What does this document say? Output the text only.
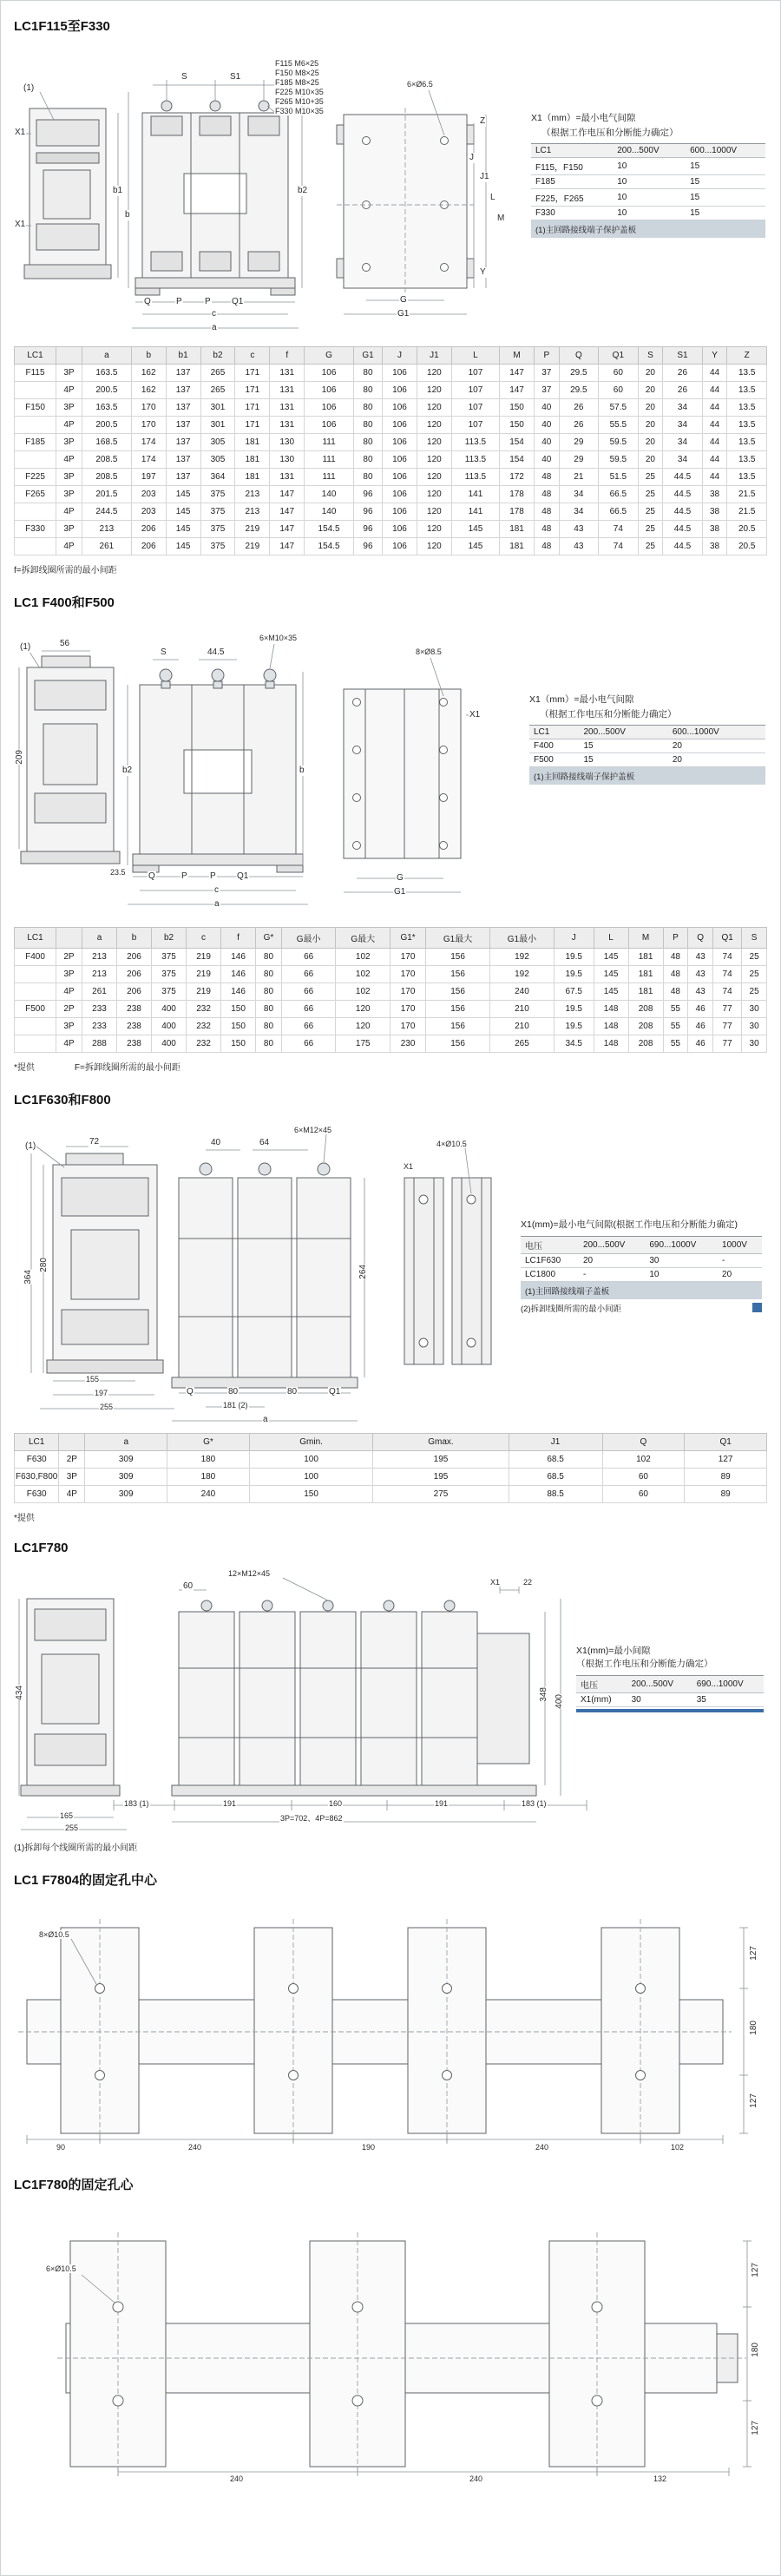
LC1F115至F330
X1（mm）=最小电气间隙
（根据工作电压和分断能力确定）
LC1	200...500V	600...1000V
F115，F150	10	15
F185	10	15
F225，F265	10	15
F330	10	15
(1)主回路接线端子保护盖板
(1)
X1
X1
S	S1
F115 M6×25
F150 M8×25
F185 M8×25
F225 M10×35
F265 M10+35
F330 M10×35
6×Ø6.5
b1
b
b2
Q	P	P Q1
c
a
G
G1
Z
J
J1
L
M
Y
LC1		a	b	b1	b2	c	f	G	G1	J	J1	L	M	P	Q	Q1	S	S1	Y	Z
F115	3P	163.5	162	137	265	171	131	106	80	106	120	107	147	37	29.5	60	20	26	44	13.5
	4P	200.5	162	137	265	171	131	106	80	106	120	107	147	37	29.5	60	20	26	44	13.5
F150	3P	163.5	170	137	301	171	131	106	80	106	120	107	150	40	26	57.5	20	34	44	13.5
	4P	200.5	170	137	301	171	131	106	80	106	120	107	150	40	26	55.5	20	34	44	13.5
F185	3P	168.5	174	137	305	181	130	111	80	106	120	113.5	154	40	29	59.5	20	34	44	13.5
	4P	208.5	174	137	305	181	130	111	80	106	120	113.5	154	40	29	59.5	20	34	44	13.5
F225	3P	208.5	197	137	364	181	131	111	80	106	120	113.5	172	48	21	51.5	25	44.5	44	13.5
F265	3P	201.5	203	145	375	213	147	140	96	106	120	141	178	48	34	66.5	25	44.5	38	21.5
	4P	244.5	203	145	375	213	147	140	96	106	120	141	178	48	34	66.5	25	44.5	38	21.5
F330	3P	213	206	145	375	219	147	154.5	96	106	120	145	181	48	43	74	25	44.5	38	20.5
	4P	261	206	145	375	219	147	154.5	96	106	120	145	181	48	43	74	25	44.5	38	20.5

f=拆卸线圈所需的最小间距

LC1 F400和F500
X1（mm）=最小电气间隙
（根据工作电压和分断能力确定）
LC1	200...500V	600...1000V
F400	15	20
F500	15	20
(1)主回路接线端子保护盖板
(1)	56
209
S	44.5
6×M10×35
8×Ø8.5
X1
b2	b
23.5	Q	P	P Q1
c
a
G
G1
LC1		a	b	b2	c	f	G*	G最小	G最大	G1*	G1最大	G1最小	J	L	M	P	Q	Q1	S
F400	2P	213	206	375	219	146	80	66	102	170	156	192	19.5	145	181	48	43	74	25
	3P	213	206	375	219	146	80	66	102	170	156	192	19.5	145	181	48	43	74	25
	4P	261	206	375	219	146	80	66	102	170	156	240	67.5	145	181	48	43	74	25
F500	2P	233	238	400	232	150	80	66	120	170	156	210	19.5	148	208	55	46	77	30
	3P	233	238	400	232	150	80	66	120	170	156	210	19.5	148	208	55	46	77	30
	4P	288	238	400	232	150	80	66	175	230	156	265	34.5	148	208	55	46	77	30

*提供	F=拆卸线圈所需的最小间距

LC1F630和F800
X1(mm)=最小电气间隙(根据工作电压和分断能力确定)
电压	200...500V	690...1000V	1000V
LC1F630	20	30	-
LC1800	-	10	20
(1)主回路接线端子盖板
(2)拆卸线圈所需的最小间距
(1)	72	40	64
6×M12×45
4×Ø10.5
X1
280
364	264
155
197
255
Q	80	80	Q1
181 (2)
a
LC1		a	G*	Gmin.	Gmax.	J1	Q	Q1
F630	2P	309	180	100	195	68.5	102	127
F630,F800	3P	309	180	100	195	68.5	60	89
F630	4P	309	240	150	275	88.5	60	89

*提供

LC1F780
X1(mm)=最小间隙
（根据工作电压和分断能力确定）
电压	200...500V	690...1000V
X1(mm)	30	35
60
12×M12×45
X1	22
434	348 400
165
255
183 (1)	191	160	191	183 (1)
3P=702、4P=862

(1)拆卸每个线圈所需的最小间距

LC1 F7804的固定孔中心
8×Ø10.5
127
180
127
90	240	190	240	102
LC1F780的固定孔心
6×Ø10.5	127
180
127
240	240	132
